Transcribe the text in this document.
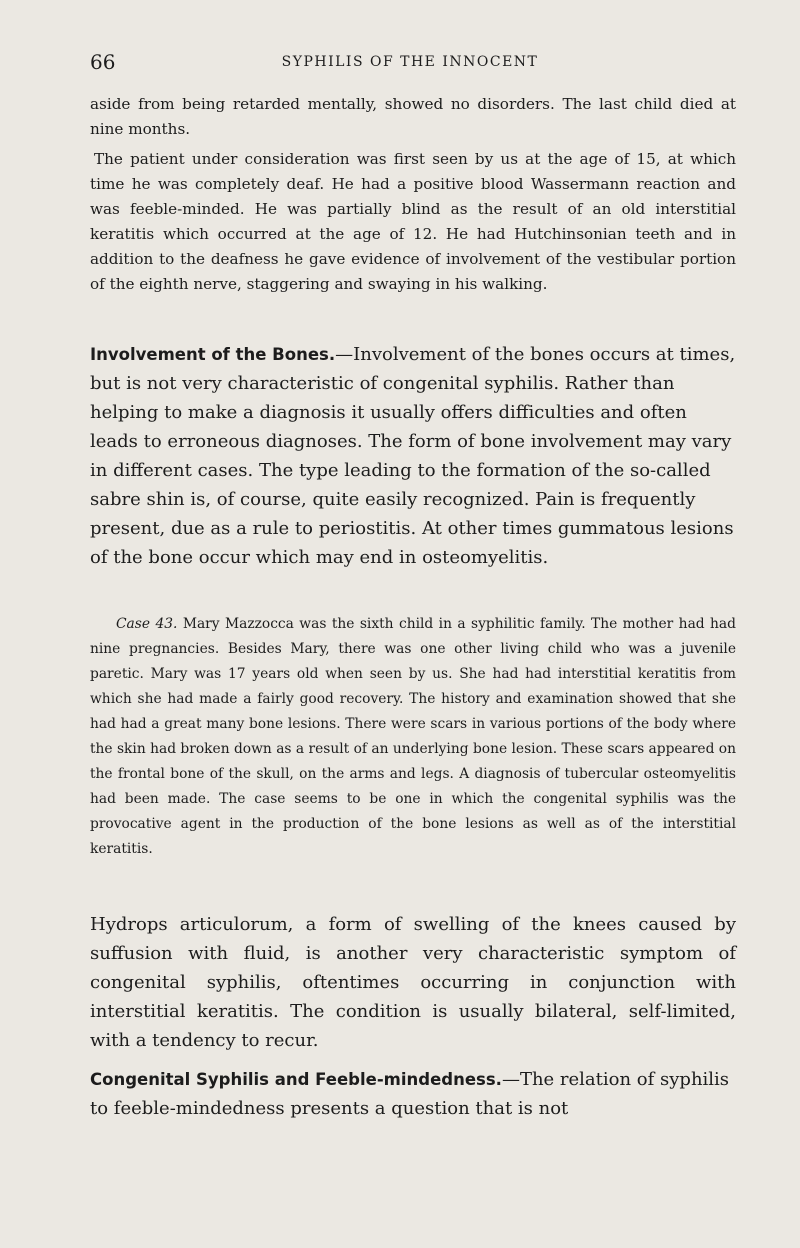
66	SYPHILIS OF THE INNOCENT

aside from being retarded mentally, showed no disorders. The last child died at nine months.

The patient under consideration was first seen by us at the age of 15, at which time he was completely deaf. He had a positive blood Wassermann reaction and was feeble-minded. He was partially blind as the result of an old interstitial keratitis which occurred at the age of 12. He had Hutchinsonian teeth and in addition to the deafness he gave evidence of involvement of the vestibular portion of the eighth nerve, staggering and swaying in his walking.

Involvement of the Bones.—Involvement of the bones occurs at times, but is not very characteristic of congenital syphilis. Rather than helping to make a diagnosis it usually offers difficulties and often leads to erroneous diagnoses. The form of bone involvement may vary in different cases. The type leading to the formation of the so-called sabre shin is, of course, quite easily recognized. Pain is frequently present, due as a rule to periostitis. At other times gummatous lesions of the bone occur which may end in osteomyelitis.

Case 43. Mary Mazzocca was the sixth child in a syphilitic family. The mother had had nine pregnancies. Besides Mary, there was one other living child who was a juvenile paretic. Mary was 17 years old when seen by us. She had had interstitial keratitis from which she had made a fairly good recovery. The history and examination showed that she had had a great many bone lesions. There were scars in various portions of the body where the skin had broken down as a result of an underlying bone lesion. These scars appeared on the frontal bone of the skull, on the arms and legs. A diagnosis of tubercular osteomyelitis had been made. The case seems to be one in which the congenital syphilis was the provocative agent in the production of the bone lesions as well as of the interstitial keratitis.

Hydrops articulorum, a form of swelling of the knees caused by suffusion with fluid, is another very characteristic symptom of congenital syphilis, oftentimes occurring in conjunction with interstitial keratitis. The condition is usually bilateral, self-limited, with a tendency to recur.

Congenital Syphilis and Feeble-mindedness.—The relation of syphilis to feeble-mindedness presents a question that is not
